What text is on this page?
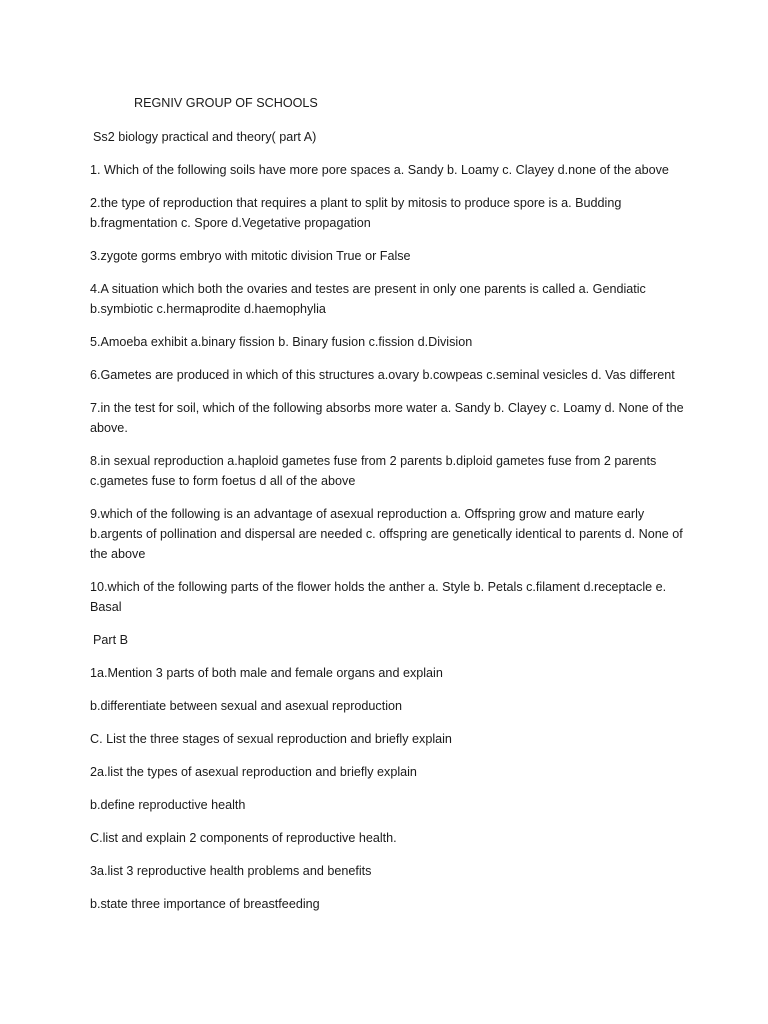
REGNIV GROUP OF SCHOOLS

Ss2 biology practical and theory( part A)

1. Which of the following soils have more pore spaces a. Sandy b. Loamy c. Clayey d.none of the above

2.the type of reproduction that requires a plant to split by mitosis to produce spore is a. Budding b.fragmentation c. Spore d.Vegetative propagation

3.zygote gorms embryo with mitotic division True or False

4.A situation which both the ovaries and testes are present in only one parents is called a. Gendiatic b.symbiotic c.hermaprodite d.haemophylia

5.Amoeba exhibit a.binary fission b. Binary fusion c.fission d.Division

6.Gametes are produced in which of this structures a.ovary b.cowpeas c.seminal vesicles d. Vas different

7.in the test for soil, which of the following absorbs more water a. Sandy b. Clayey c. Loamy d. None of the above.

8.in sexual reproduction a.haploid gametes fuse from 2 parents b.diploid gametes fuse from 2 parents c.gametes fuse to form foetus d all of the above

9.which of the following is an advantage of asexual reproduction a. Offspring grow and mature early b.argents of pollination and dispersal are needed c. offspring are genetically identical to parents d. None of the above

10.which of the following parts of the flower holds the anther a. Style b. Petals c.filament d.receptacle e. Basal

Part B

1a.Mention 3 parts of both male and female organs and explain

b.differentiate between sexual and asexual reproduction

C. List the three stages of sexual reproduction and briefly explain

2a.list the types of asexual reproduction and briefly explain

b.define reproductive health

C.list and explain 2 components of reproductive health.

3a.list 3 reproductive health problems and benefits

b.state three importance of breastfeeding
